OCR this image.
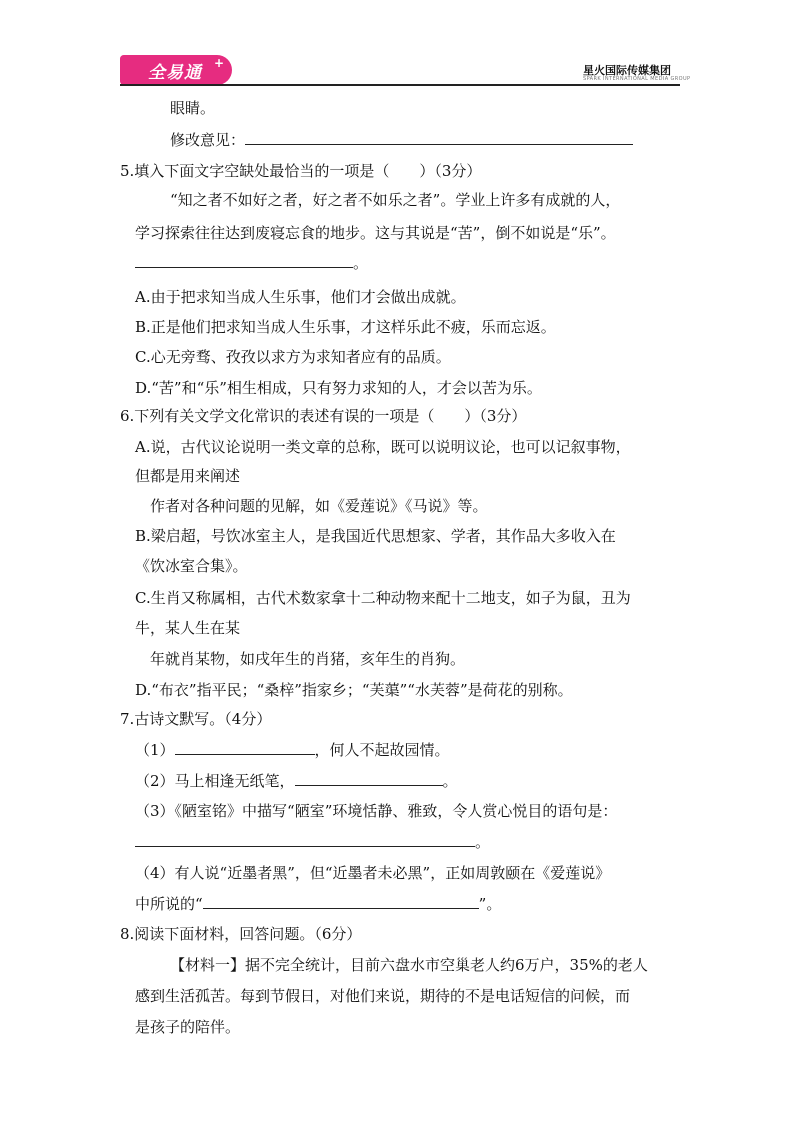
全易通 +
星火国际传媒集团
SPARK INTERNATIONAL MEDIA GROUP
眼睛。
修改意见：
5.填入下面文字空缺处最恰当的一项是（　　）（3分）
“知之者不如好之者，好之者不如乐之者”。学业上许多有成就的人，
学习探索往往达到废寝忘食的地步。这与其说是“苦”，倒不如说是“乐”。
。
A.由于把求知当成人生乐事，他们才会做出成就。
B.正是他们把求知当成人生乐事，才这样乐此不疲，乐而忘返。
C.心无旁骛、孜孜以求方为求知者应有的品质。
D.“苦”和“乐”相生相成，只有努力求知的人，才会以苦为乐。
6.下列有关文学文化常识的表述有误的一项是（　　）（3分）
A.说，古代议论说明一类文章的总称，既可以说明议论，也可以记叙事物，
但都是用来阐述
作者对各种问题的见解，如《爱莲说》《马说》等。
B.梁启超，号饮冰室主人，是我国近代思想家、学者，其作品大多收入在
《饮冰室合集》。
C.生肖又称属相，古代术数家拿十二种动物来配十二地支，如子为鼠，丑为
牛，某人生在某
年就肖某物，如戌年生的肖猪，亥年生的肖狗。
D.“布衣”指平民；“桑梓”指家乡；“芙蕖”“水芙蓉”是荷花的别称。
7.古诗文默写。（4分）
（1）	，何人不起故园情。
（2）马上相逢无纸笔，	。
（3）《陋室铭》中描写“陋室”环境恬静、雅致，令人赏心悦目的语句是：
。
（4）有人说“近墨者黑”，但“近墨者未必黑”，正如周敦颐在《爱莲说》
中所说的“	”。
8.阅读下面材料，回答问题。（6分）
【材料一】据不完全统计，目前六盘水市空巢老人约6万户，35%的老人
感到生活孤苦。每到节假日，对他们来说，期待的不是电话短信的问候，而
是孩子的陪伴。
